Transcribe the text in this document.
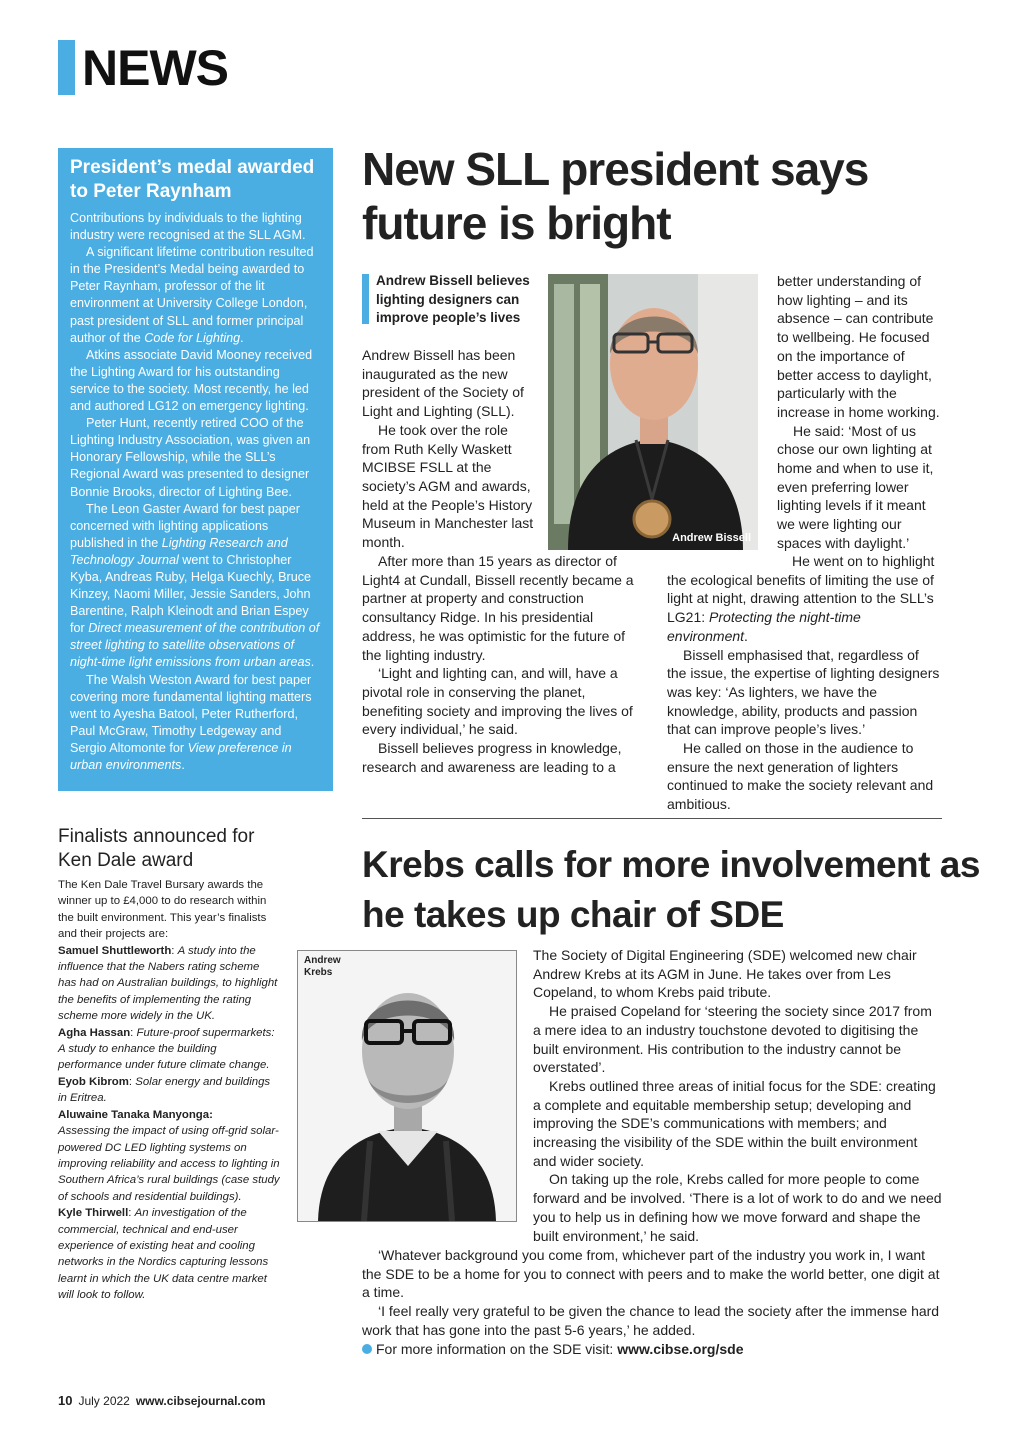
NEWS
President’s medal awarded to Peter Raynham

Contributions by individuals to the lighting industry were recognised at the SLL AGM.

A significant lifetime contribution resulted in the President’s Medal being awarded to Peter Raynham, professor of the lit environment at University College London, past president of SLL and former principal author of the Code for Lighting.

Atkins associate David Mooney received the Lighting Award for his outstanding service to the society. Most recently, he led and authored LG12 on emergency lighting.

Peter Hunt, recently retired COO of the Lighting Industry Association, was given an Honorary Fellowship, while the SLL’s Regional Award was presented to designer Bonnie Brooks, director of Lighting Bee.

The Leon Gaster Award for best paper concerned with lighting applications published in the Lighting Research and Technology Journal went to Christopher Kyba, Andreas Ruby, Helga Kuechly, Bruce Kinzey, Naomi Miller, Jessie Sanders, John Barentine, Ralph Kleinodt and Brian Espey for Direct measurement of the contribution of street lighting to satellite observations of night-time light emissions from urban areas.

The Walsh Weston Award for best paper covering more fundamental lighting matters went to Ayesha Batool, Peter Rutherford, Paul McGraw, Timothy Ledgeway and Sergio Altomonte for View preference in urban environments.

Finalists announced for Ken Dale award

The Ken Dale Travel Bursary awards the winner up to £4,000 to do research within the built environment. This year’s finalists and their projects are:

Samuel Shuttleworth: A study into the influence that the Nabers rating scheme has had on Australian buildings, to highlight the benefits of implementing the rating scheme more widely in the UK.

Agha Hassan: Future-proof supermarkets: A study to enhance the building performance under future climate change.

Eyob Kibrom: Solar energy and buildings in Eritrea.

Aluwaine Tanaka Manyonga:
Assessing the impact of using off-grid solar-powered DC LED lighting systems on improving reliability and access to lighting in Southern Africa’s rural buildings (case study of schools and residential buildings).

Kyle Thirwell: An investigation of the commercial, technical and end-user experience of existing heat and cooling networks in the Nordics capturing lessons learnt in which the UK data centre market will look to follow.

New SLL president says future is bright

Andrew Bissell believes lighting designers can improve people’s lives

Andrew Bissell has been inaugurated as the new president of the Society of Light and Lighting (SLL).

He took over the role from Ruth Kelly Waskett MCIBSE FSLL at the society’s AGM and awards, held at the People’s History Museum in Manchester last month.

After more than 15 years as director of Light4 at Cundall, Bissell recently became a partner at property and construction consultancy Ridge. In his presidential address, he was optimistic for the future of the lighting industry.

‘Light and lighting can, and will, have a pivotal role in conserving the planet, benefiting society and improving the lives of every individual,’ he said.

Bissell believes progress in knowledge, research and awareness are leading to a

Andrew Bissell

better understanding of how lighting – and its absence – can contribute to wellbeing. He focused on the importance of better access to daylight, particularly with the increase in home working.

He said: ‘Most of us chose our own lighting at home and when to use it, even preferring lower lighting levels if it meant we were lighting our spaces with daylight.’

He went on to highlight the ecological benefits of limiting the use of light at night, drawing attention to the SLL’s LG21: Protecting the night-time environment.

Bissell emphasised that, regardless of the issue, the expertise of lighting designers was key: ‘As lighters, we have the knowledge, ability, products and passion that can improve people’s lives.’

He called on those in the audience to ensure the next generation of lighters continued to make the society relevant and ambitious.

Krebs calls for more involvement as he takes up chair of SDE
Andrew Krebs

The Society of Digital Engineering (SDE) welcomed new chair Andrew Krebs at its AGM in June. He takes over from Les Copeland, to whom Krebs paid tribute.

He praised Copeland for ‘steering the society since 2017 from a mere idea to an industry touchstone devoted to digitising the built environment. His contribution to the industry cannot be overstated’.

Krebs outlined three areas of initial focus for the SDE: creating a complete and equitable membership setup; developing and improving the SDE’s communications with members; and increasing the visibility of the SDE within the built environment and wider society.

On taking up the role, Krebs called for more people to come forward and be involved. ‘There is a lot of work to do and we need you to help us in defining how we move forward and shape the built environment,’ he said.

‘Whatever background you come from, whichever part of the industry you work in, I want the SDE to be a home for you to connect with peers and to make the world better, one digit at a time.

‘I feel really very grateful to be given the chance to lead the society after the immense hard work that has gone into the past 5-6 years,’ he added.

For more information on the SDE visit: www.cibse.org/sde

10 July 2022 www.cibsejournal.com
